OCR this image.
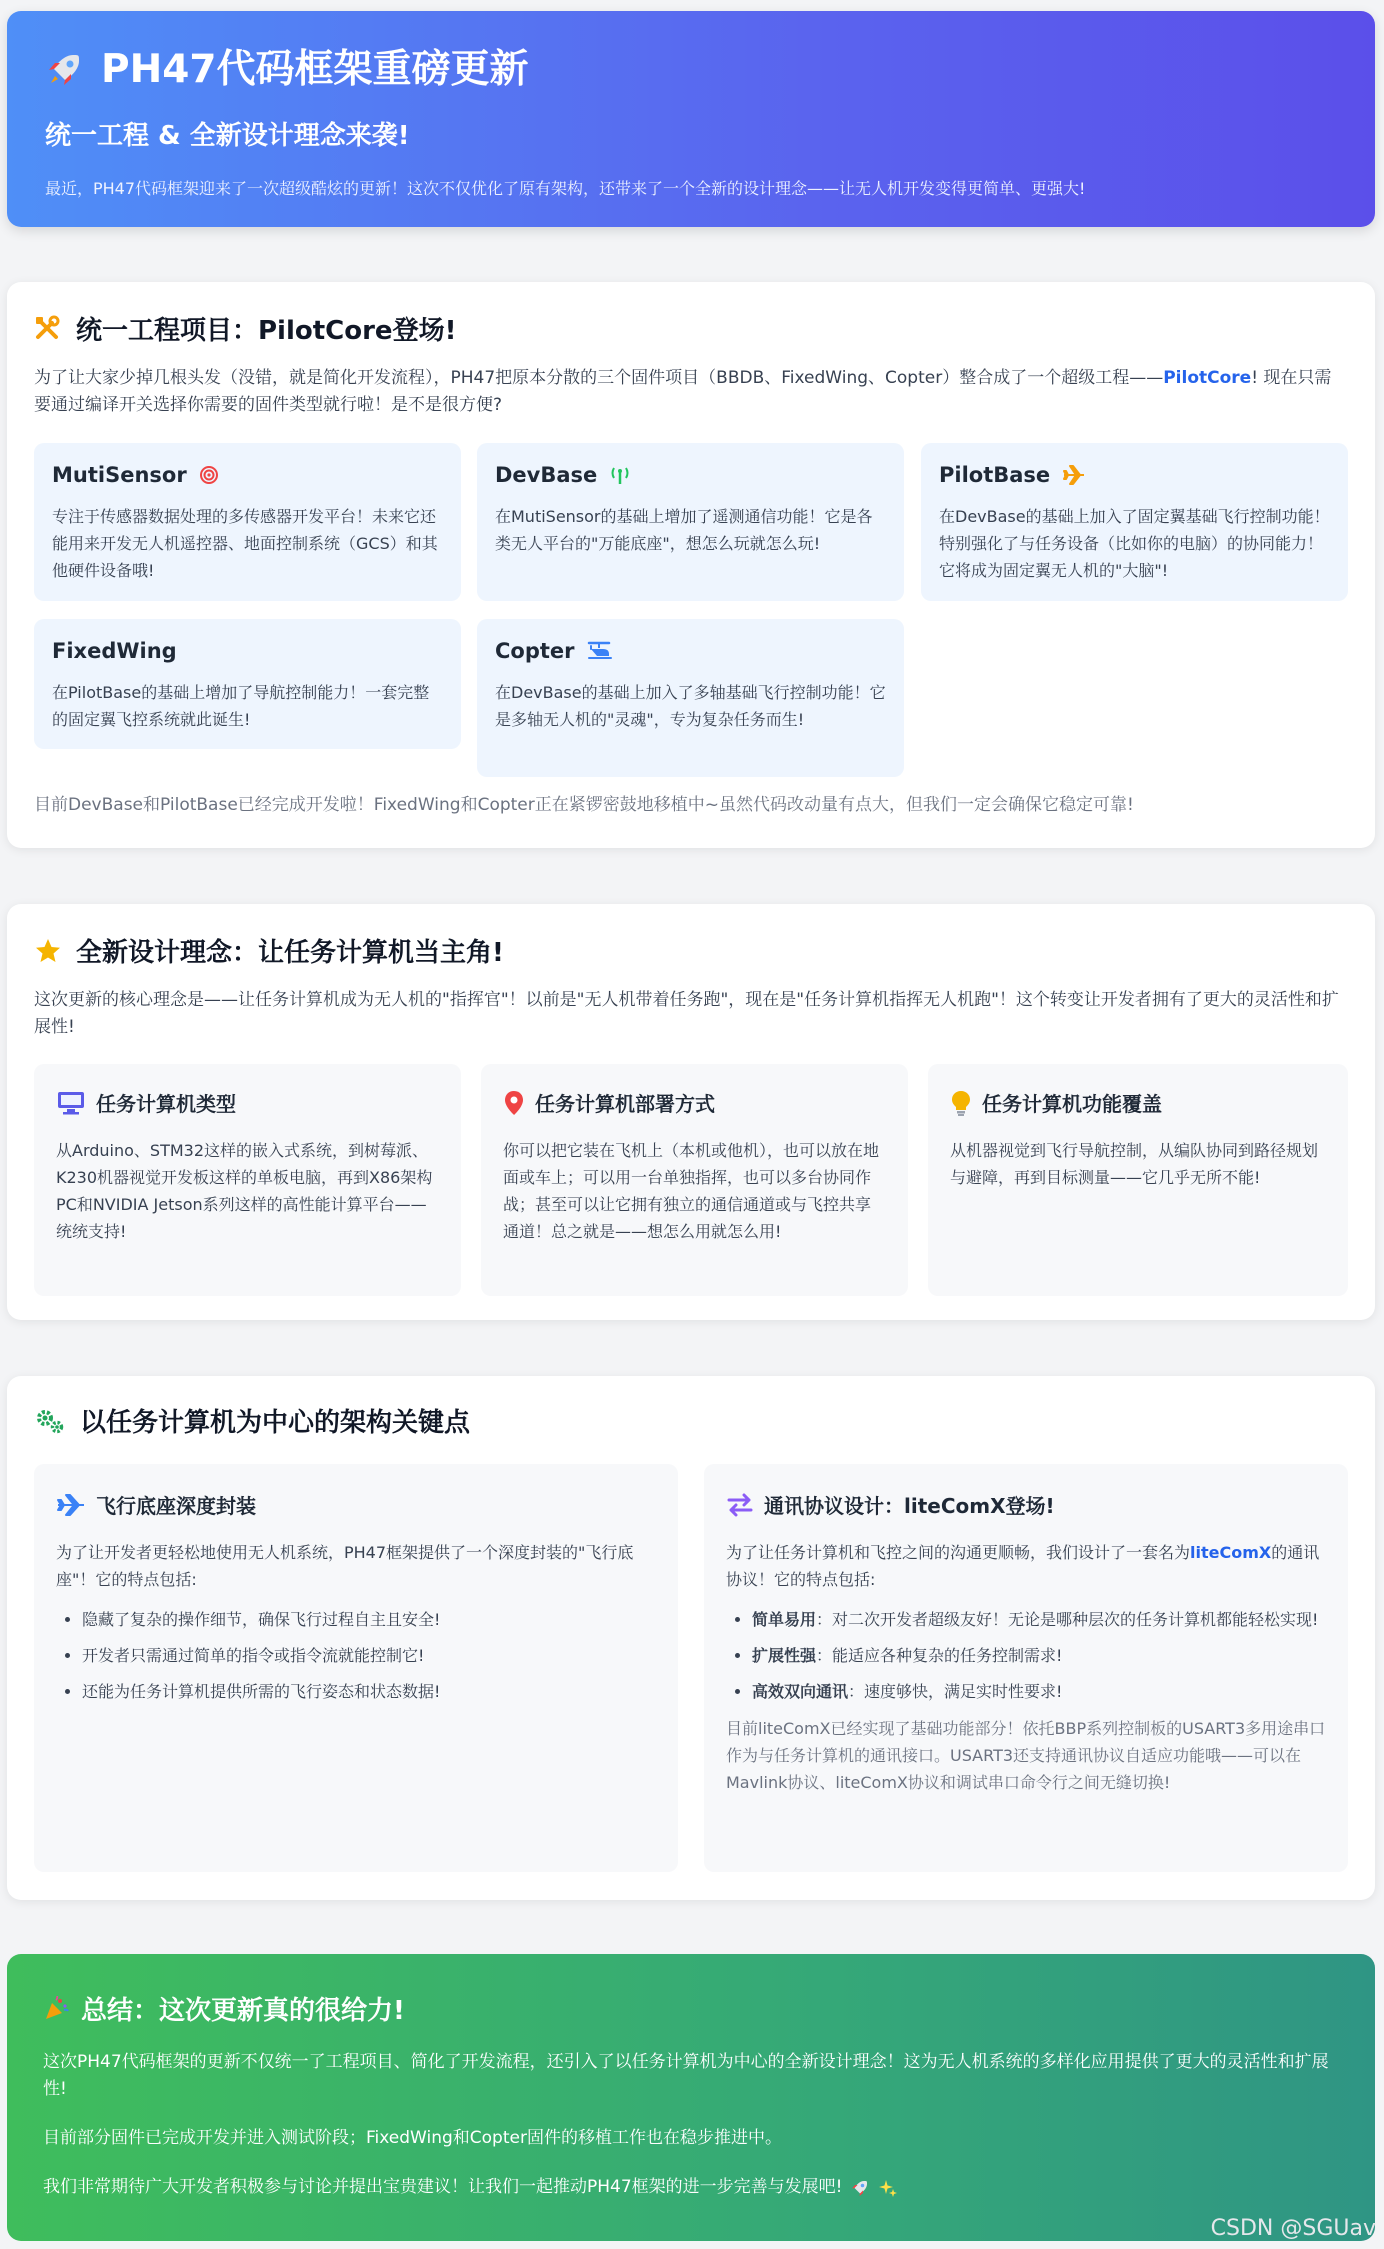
PH47代码框架重磅更新
统一工程 & 全新设计理念来袭!
最近，PH47代码框架迎来了一次超级酷炫的更新！这次不仅优化了原有架构，还带来了一个全新的设计理念——让无人机开发变得更简单、更强大!
统一工程项目：PilotCore登场!
为了让大家少掉几根头发（没错，就是简化开发流程），PH47把原本分散的三个固件项目（BBDB、FixedWing、Copter）整合成了一个超级工程——PilotCore! 现在只需要通过编译开关选择你需要的固件类型就行啦！是不是很方便?
MutiSensor
专注于传感器数据处理的多传感器开发平台！未来它还能用来开发无人机遥控器、地面控制系统（GCS）和其他硬件设备哦!
DevBase
在MutiSensor的基础上增加了遥测通信功能！它是各类无人平台的"万能底座"，想怎么玩就怎么玩!
PilotBase
在DevBase的基础上加入了固定翼基础飞行控制功能！特别强化了与任务设备（比如你的电脑）的协同能力！它将成为固定翼无人机的"大脑"!
FixedWing
在PilotBase的基础上增加了导航控制能力！一套完整的固定翼飞控系统就此诞生!
Copter
在DevBase的基础上加入了多轴基础飞行控制功能！它是多轴无人机的"灵魂"，专为复杂任务而生!
目前DevBase和PilotBase已经完成开发啦！FixedWing和Copter正在紧锣密鼓地移植中~虽然代码改动量有点大，但我们一定会确保它稳定可靠!
全新设计理念：让任务计算机当主角!
这次更新的核心理念是——让任务计算机成为无人机的"指挥官"！以前是"无人机带着任务跑"，现在是"任务计算机指挥无人机跑"！这个转变让开发者拥有了更大的灵活性和扩展性!
任务计算机类型
从Arduino、STM32这样的嵌入式系统，到树莓派、K230机器视觉开发板这样的单板电脑，再到X86架构PC和NVIDIA Jetson系列这样的高性能计算平台——统统支持!
任务计算机部署方式
你可以把它装在飞机上（本机或他机），也可以放在地面或车上；可以用一台单独指挥，也可以多台协同作战；甚至可以让它拥有独立的通信通道或与飞控共享通道！总之就是——想怎么用就怎么用!
任务计算机功能覆盖
从机器视觉到飞行导航控制，从编队协同到路径规划与避障，再到目标测量——它几乎无所不能!
以任务计算机为中心的架构关键点
飞行底座深度封装
为了让开发者更轻松地使用无人机系统，PH47框架提供了一个深度封装的"飞行底座"！它的特点包括:
• 隐藏了复杂的操作细节，确保飞行过程自主且安全!
• 开发者只需通过简单的指令或指令流就能控制它!
• 还能为任务计算机提供所需的飞行姿态和状态数据!
通讯协议设计：liteComX登场!
为了让任务计算机和飞控之间的沟通更顺畅，我们设计了一套名为liteComX的通讯协议！它的特点包括:
• 简单易用：对二次开发者超级友好！无论是哪种层次的任务计算机都能轻松实现!
• 扩展性强：能适应各种复杂的任务控制需求!
• 高效双向通讯：速度够快，满足实时性要求!
目前liteComX已经实现了基础功能部分！依托BBP系列控制板的USART3多用途串口作为与任务计算机的通讯接口。USART3还支持通讯协议自适应功能哦——可以在Mavlink协议、liteComX协议和调试串口命令行之间无缝切换!
总结：这次更新真的很给力!
这次PH47代码框架的更新不仅统一了工程项目、简化了开发流程，还引入了以任务计算机为中心的全新设计理念！这为无人机系统的多样化应用提供了更大的灵活性和扩展性!
目前部分固件已完成开发并进入测试阶段；FixedWing和Copter固件的移植工作也在稳步推进中。
我们非常期待广大开发者积极参与讨论并提出宝贵建议！让我们一起推动PH47框架的进一步完善与发展吧!
CSDN @SGUav
